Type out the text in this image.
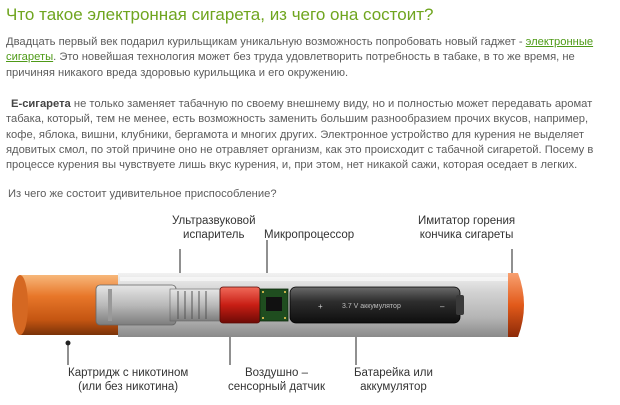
Что такое электронная сигарета, из чего она состоит?

Двадцать первый век подарил курильщикам уникальную возможность попробовать новый гаджет - электронные сигареты. Это новейшая технология может без труда удовлетворить потребность в табаке, в то же время, не причиняя никакого вреда здоровью курильщика и его окружению.

E-сигарета не только заменяет табачную по своему внешнему виду, но и полностью может передавать аромат табака, который, тем не менее, есть возможность заменить большим разнообразием прочих вкусов, например, кофе, яблока, вишни, клубники, бергамота и многих других. Электронное устройство для курения не выделяет ядовитых смол, по этой причине оно не отравляет организм, как это происходит с табачной сигаретой. Посему в процессе курения вы чувствуете лишь вкус курения, и, при этом, нет никакой сажи, которая оседает в легких.

Из чего же состоит удивительное приспособление?

Ультразвуковой
испаритель	Микропроцессор
Имитатор горения
кончика сигареты
Картридж с никотином
(или без никотина)
Воздушно –
сенсорный датчик
Батарейка или
аккумулятор
+	–
3.7 V аккумулятор
